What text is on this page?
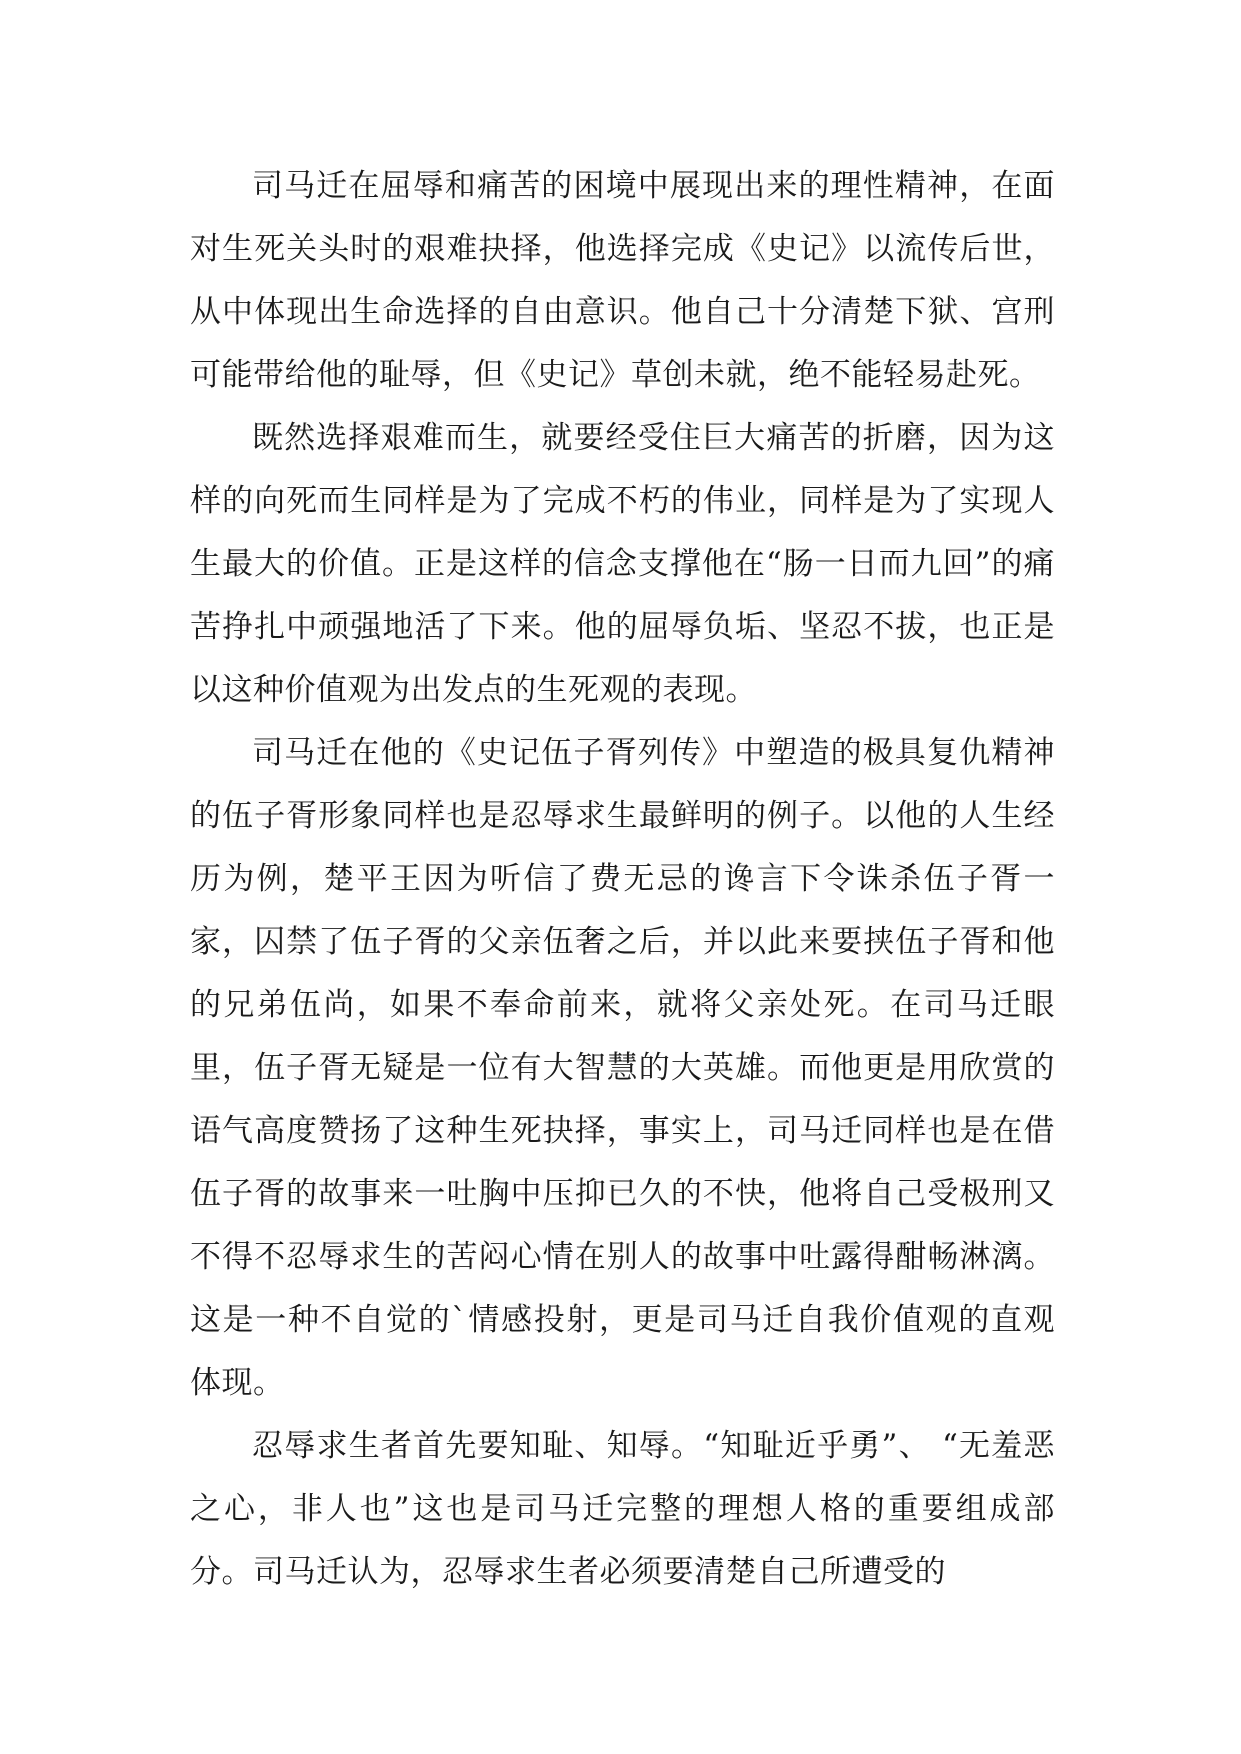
司马迁在屈辱和痛苦的困境中展现出来的理性精神，在面对生死关头时的艰难抉择，他选择完成《史记》以流传后世，从中体现出生命选择的自由意识。他自己十分清楚下狱、宫刑可能带给他的耻辱，但《史记》草创未就，绝不能轻易赴死。

既然选择艰难而生，就要经受住巨大痛苦的折磨，因为这样的向死而生同样是为了完成不朽的伟业，同样是为了实现人生最大的价值。正是这样的信念支撑他在“肠一日而九回”的痛苦挣扎中顽强地活了下来。他的屈辱负垢、坚忍不拔，也正是以这种价值观为出发点的生死观的表现。

司马迁在他的《史记伍子胥列传》中塑造的极具复仇精神的伍子胥形象同样也是忍辱求生最鲜明的例子。以他的人生经历为例，楚平王因为听信了费无忌的谗言下令诛杀伍子胥一家，囚禁了伍子胥的父亲伍奢之后，并以此来要挟伍子胥和他的兄弟伍尚，如果不奉命前来，就将父亲处死。在司马迁眼里，伍子胥无疑是一位有大智慧的大英雄。而他更是用欣赏的语气高度赞扬了这种生死抉择，事实上，司马迁同样也是在借伍子胥的故事来一吐胸中压抑已久的不快，他将自己受极刑又不得不忍辱求生的苦闷心情在别人的故事中吐露得酣畅淋漓。这是一种不自觉的`情感投射，更是司马迁自我价值观的直观体现。

忍辱求生者首先要知耻、知辱。“知耻近乎勇”、 “无羞恶之心，非人也”这也是司马迁完整的理想人格的重要组成部分。司马迁认为，忍辱求生者必须要清楚自己所遭受的
